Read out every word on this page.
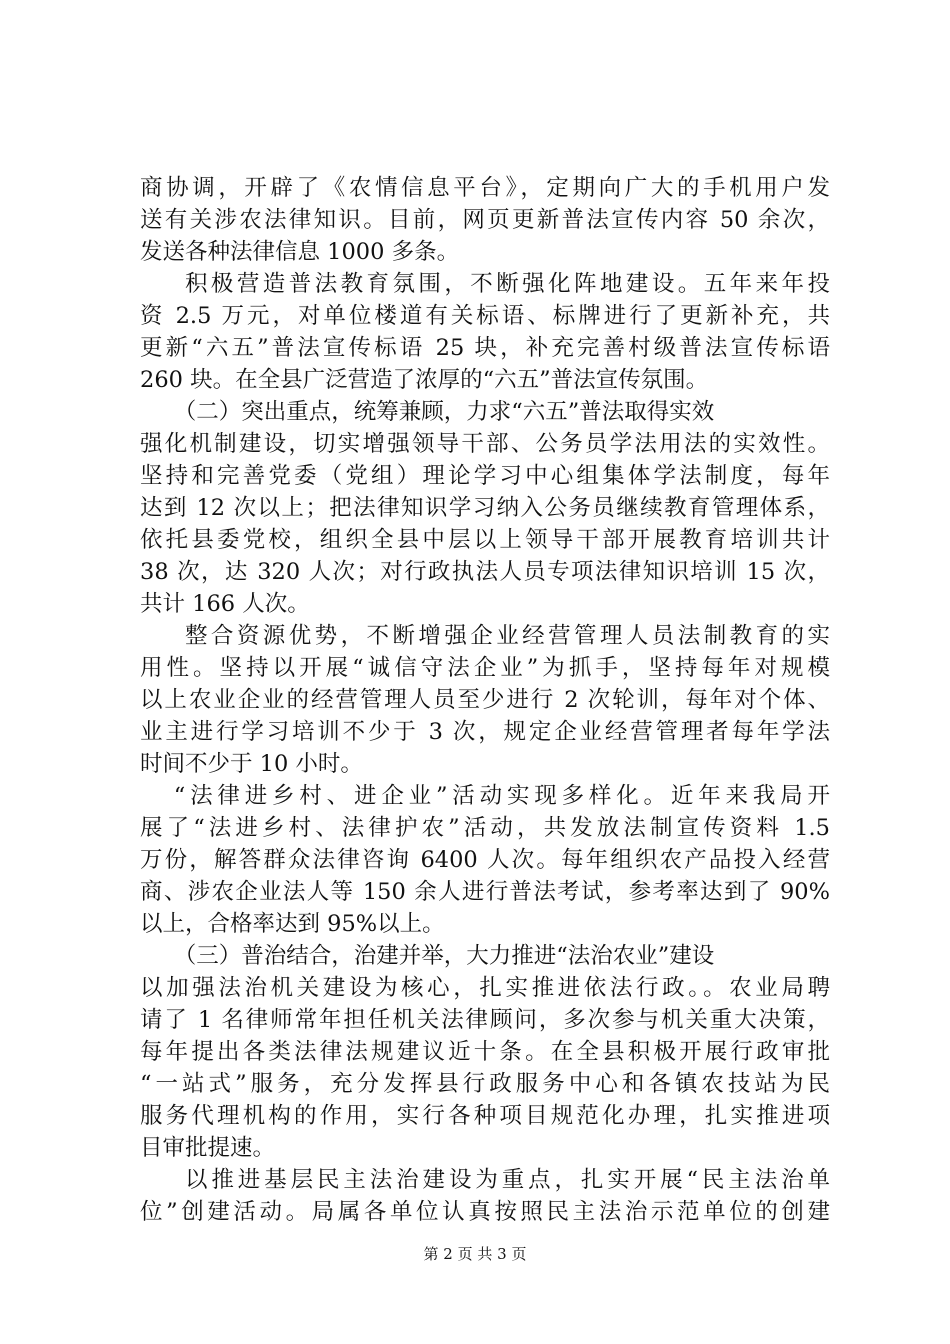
商协调，开辟了《农情信息平台》，定期向广大的手机用户发
送有关涉农法律知识。目前，网页更新普法宣传内容 50 余次，
发送各种法律信息 1000 多条。
积极营造普法教育氛围，不断强化阵地建设。五年来年投
资 2.5 万元，对单位楼道有关标语、标牌进行了更新补充，共
更新“六五”普法宣传标语 25 块，补充完善村级普法宣传标语
260 块。在全县广泛营造了浓厚的“六五”普法宣传氛围。
（二）突出重点，统筹兼顾，力求“六五”普法取得实效
强化机制建设，切实增强领导干部、公务员学法用法的实效性。
坚持和完善党委（党组）理论学习中心组集体学法制度，每年
达到 12 次以上；把法律知识学习纳入公务员继续教育管理体系，
依托县委党校，组织全县中层以上领导干部开展教育培训共计
38 次，达 320 人次；对行政执法人员专项法律知识培训 15 次，
共计 166 人次。
整合资源优势，不断增强企业经营管理人员法制教育的实
用性。坚持以开展“诚信守法企业”为抓手，坚持每年对规模
以上农业企业的经营管理人员至少进行 2 次轮训，每年对个体、
业主进行学习培训不少于 3 次，规定企业经营管理者每年学法
时间不少于 10 小时。
“法律进乡村、进企业”活动实现多样化。近年来我局开
展了“法进乡村、法律护农”活动，共发放法制宣传资料 1.5
万份，解答群众法律咨询 6400 人次。每年组织农产品投入经营
商、涉农企业法人等 150 余人进行普法考试，参考率达到了 90%
以上，合格率达到 95%以上。
（三）普治结合，治建并举，大力推进“法治农业”建设
以加强法治机关建设为核心，扎实推进依法行政。。农业局聘
请了 1 名律师常年担任机关法律顾问，多次参与机关重大决策，
每年提出各类法律法规建议近十条。在全县积极开展行政审批
“一站式”服务，充分发挥县行政服务中心和各镇农技站为民
服务代理机构的作用，实行各种项目规范化办理，扎实推进项
目审批提速。
以推进基层民主法治建设为重点，扎实开展“民主法治单
位”创建活动。局属各单位认真按照民主法治示范单位的创建
第 2 页 共 3 页
